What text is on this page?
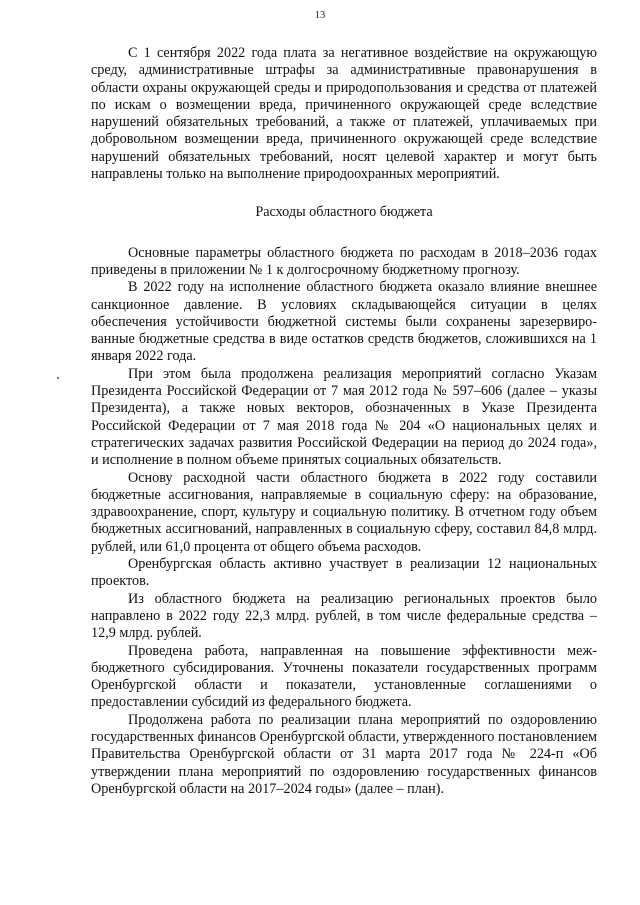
13

С 1 сентября 2022 года плата за негативное воздействие на окружающую среду, административные штрафы за административные правонарушения в области охраны окружающей среды и природопользования и средства от платежей по искам о возмещении вреда, причиненного окружающей среде вследствие нарушений обязательных требований, а также от платежей, уплачиваемых при добровольном возмещении вреда, причиненного окружающей среде вследствие нарушений обязательных требований, носят целевой характер и могут быть направлены только на выполнение природоохранных мероприятий.

Расходы областного бюджета

Основные параметры областного бюджета по расходам в 2018–2036 годах приведены в приложении № 1 к долгосрочному бюджетному прогнозу.

В 2022 году на исполнение областного бюджета оказало влияние внешнее санкционное давление. В условиях складывающейся ситуации в целях обеспечения устойчивости бюджетной системы были сохранены зарезервированные бюджетные средства в виде остатков средств бюджетов, сложившихся на 1 января 2022 года.

При этом была продолжена реализация мероприятий согласно Указам Президента Российской Федерации от 7 мая 2012 года № 597–606 (далее – указы Президента), а также новых векторов, обозначенных в Указе Президента Российской Федерации от 7 мая 2018 года № 204 «О национальных целях и стратегических задачах развития Российской Федерации на период до 2024 года», и исполнение в полном объеме принятых социальных обязательств.

Основу расходной части областного бюджета в 2022 году составили бюджетные ассигнования, направляемые в социальную сферу: на образование, здравоохранение, спорт, культуру и социальную политику. В отчетном году объем бюджетных ассигнований, направленных в социальную сферу, составил 84,8 млрд. рублей, или 61,0 процента от общего объема расходов.

Оренбургская область активно участвует в реализации 12 национальных проектов.

Из областного бюджета на реализацию региональных проектов было направлено в 2022 году 22,3 млрд. рублей, в том числе федеральные средства – 12,9 млрд. рублей.

Проведена работа, направленная на повышение эффективности межбюджетного субсидирования. Уточнены показатели государственных программ Оренбургской области и показатели, установленные соглашениями о предоставлении субсидий из федерального бюджета.

Продолжена работа по реализации плана мероприятий по оздоровлению государственных финансов Оренбургской области, утвержденного постановлением Правительства Оренбургской области от 31 марта 2017 года № 224-п «Об утверждении плана мероприятий по оздоровлению государственных финансов Оренбургской области на 2017–2024 годы» (далее – план).
